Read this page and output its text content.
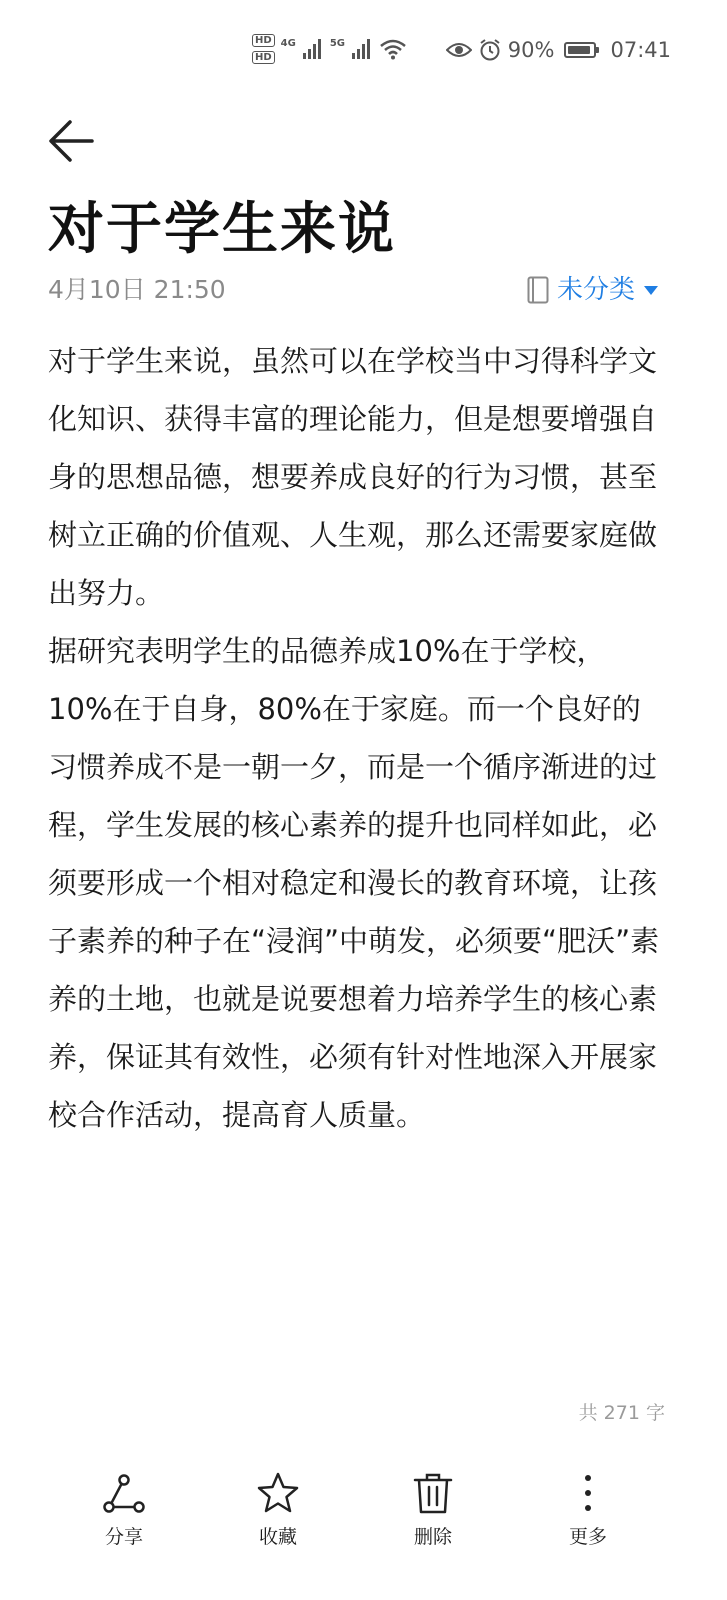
HD
HD
4G	5G	90%	07:41
对于学生来说
4月10日 21:50	未分类

对于学生来说，虽然可以在学校当中习得科学文化知识、获得丰富的理论能力，但是想要增强自身的思想品德，想要养成良好的行为习惯，甚至树立正确的价值观、人生观，那么还需要家庭做出努力。

据研究表明学生的品德养成10%在于学校，10%在于自身，80%在于家庭。而一个良好的习惯养成不是一朝一夕，而是一个循序渐进的过程，学生发展的核心素养的提升也同样如此，必须要形成一个相对稳定和漫长的教育环境，让孩子素养的种子在“浸润”中萌发，必须要“肥沃”素养的土地，也就是说要想着力培养学生的核心素养，保证其有效性，必须有针对性地深入开展家校合作活动，提高育人质量。

共 271 字
分享	收藏	删除	更多
